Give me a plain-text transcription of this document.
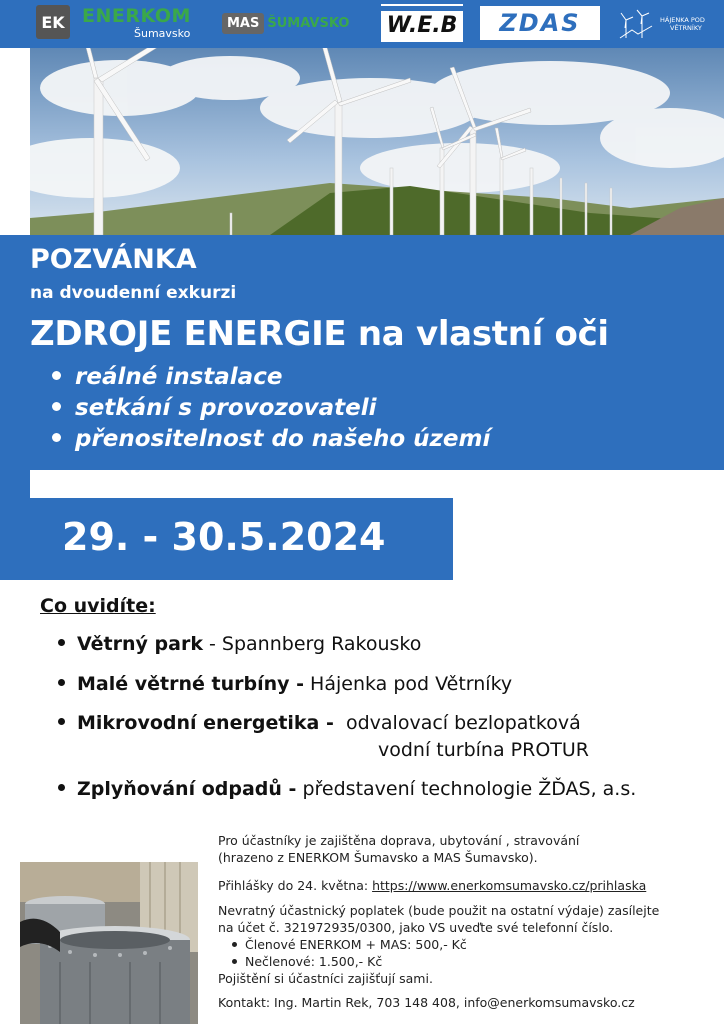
EK ENERKOM
Šumavsko
MAS ŠUMAVSKO W.E.B ZDAS	HÁJENKA POD
VĚTRNÍKY
POZVÁNKA
na dvoudenní exkurzi
ZDROJE ENERGIE na vlastní oči
reálné instalace
setkání s provozovateli
přenositelnost do našeho území
29. - 30.5.2024
Co uvidíte:
Větrný park - Spannberg Rakousko
Malé větrné turbíny - Hájenka pod Větrníky
Mikrovodní energetika -  odvalovací bezlopatková
vodní turbína PROTUR
Zplyňování odpadů - představení technologie ŽĎAS, a.s.
Pro účastníky je zajištěna doprava, ubytování , stravování
(hrazeno z ENERKOM Šumavsko a MAS Šumavsko).
Přihlášky do 24. května: https://www.enerkomsumavsko.cz/prihlaska
Nevratný účastnický poplatek (bude použit na ostatní výdaje) zasílejte
na účet č. 321972935/0300, jako VS uveďte své telefonní číslo.
Členové ENERKOM + MAS: 500,- Kč
Nečlenové: 1.500,- Kč
Pojištění si účastníci zajišťují sami.
Kontakt: Ing. Martin Rek, 703 148 408, info@enerkomsumavsko.cz
